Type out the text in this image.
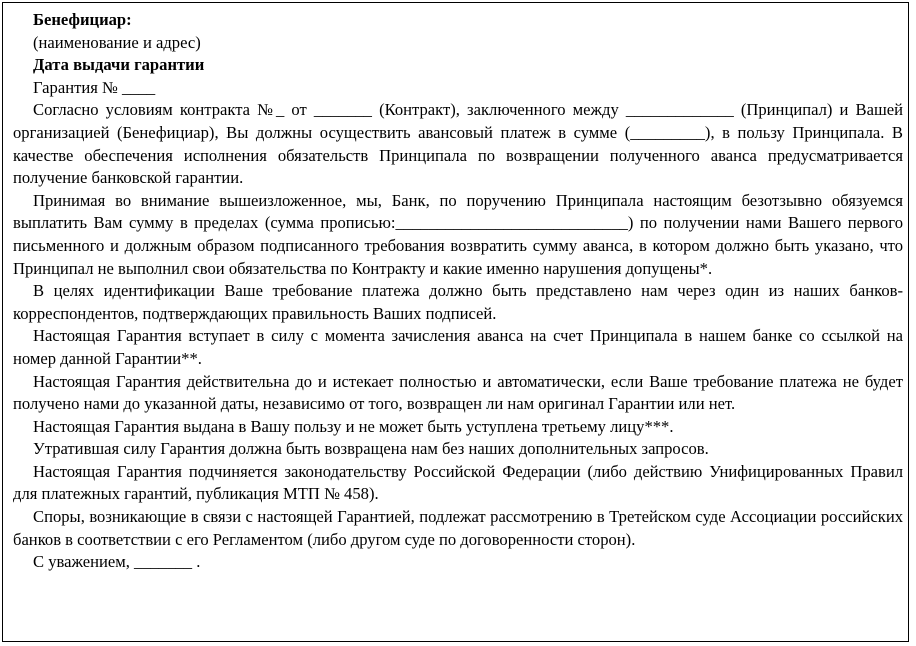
Бенефициар:

(наименование и адрес)

Дата выдачи гарантии

Гарантия № ____

Согласно условиям контракта №_ от _______ (Контракт), заключенного между _____________ (Принципал) и Вашей организацией (Бенефициар), Вы должны осуществить авансовый платеж в сумме (_________), в пользу Принципала. В качестве обеспечения исполнения обязательств Принципала по возвращении полученного аванса предусматривается получение банковской гарантии.

Принимая во внимание вышеизложенное, мы, Банк, по поручению Принципала настоящим безотзывно обязуемся выплатить Вам сумму в пределах (сумма прописью:____________________________) по получении нами Вашего первого письменного и должным образом подписанного требования возвратить сумму аванса, в котором должно быть указано, что Принципал не выполнил свои обязательства по Контракту и какие именно нарушения допущены*.

В целях идентификации Ваше требование платежа должно быть представлено нам через один из наших банков-корреспондентов, подтверждающих правильность Ваших подписей.

Настоящая Гарантия вступает в силу с момента зачисления аванса на счет Принципала в нашем банке со ссылкой на номер данной Гарантии**.

Настоящая Гарантия действительна до и истекает полностью и автоматически, если Ваше требование платежа не будет получено нами до указанной даты, независимо от того, возвращен ли нам оригинал Гарантии или нет.

Настоящая Гарантия выдана в Вашу пользу и не может быть уступлена третьему лицу***.

Утратившая силу Гарантия должна быть возвращена нам без наших дополнительных запросов.

Настоящая Гарантия подчиняется законодательству Российской Федерации (либо действию Унифицированных Правил для платежных гарантий, публикация МТП № 458).

Споры, возникающие в связи с настоящей Гарантией, подлежат рассмотрению в Третейском суде Ассоциации российских банков в соответствии с его Регламентом (либо другом суде по договоренности сторон).

С уважением, _______ .
